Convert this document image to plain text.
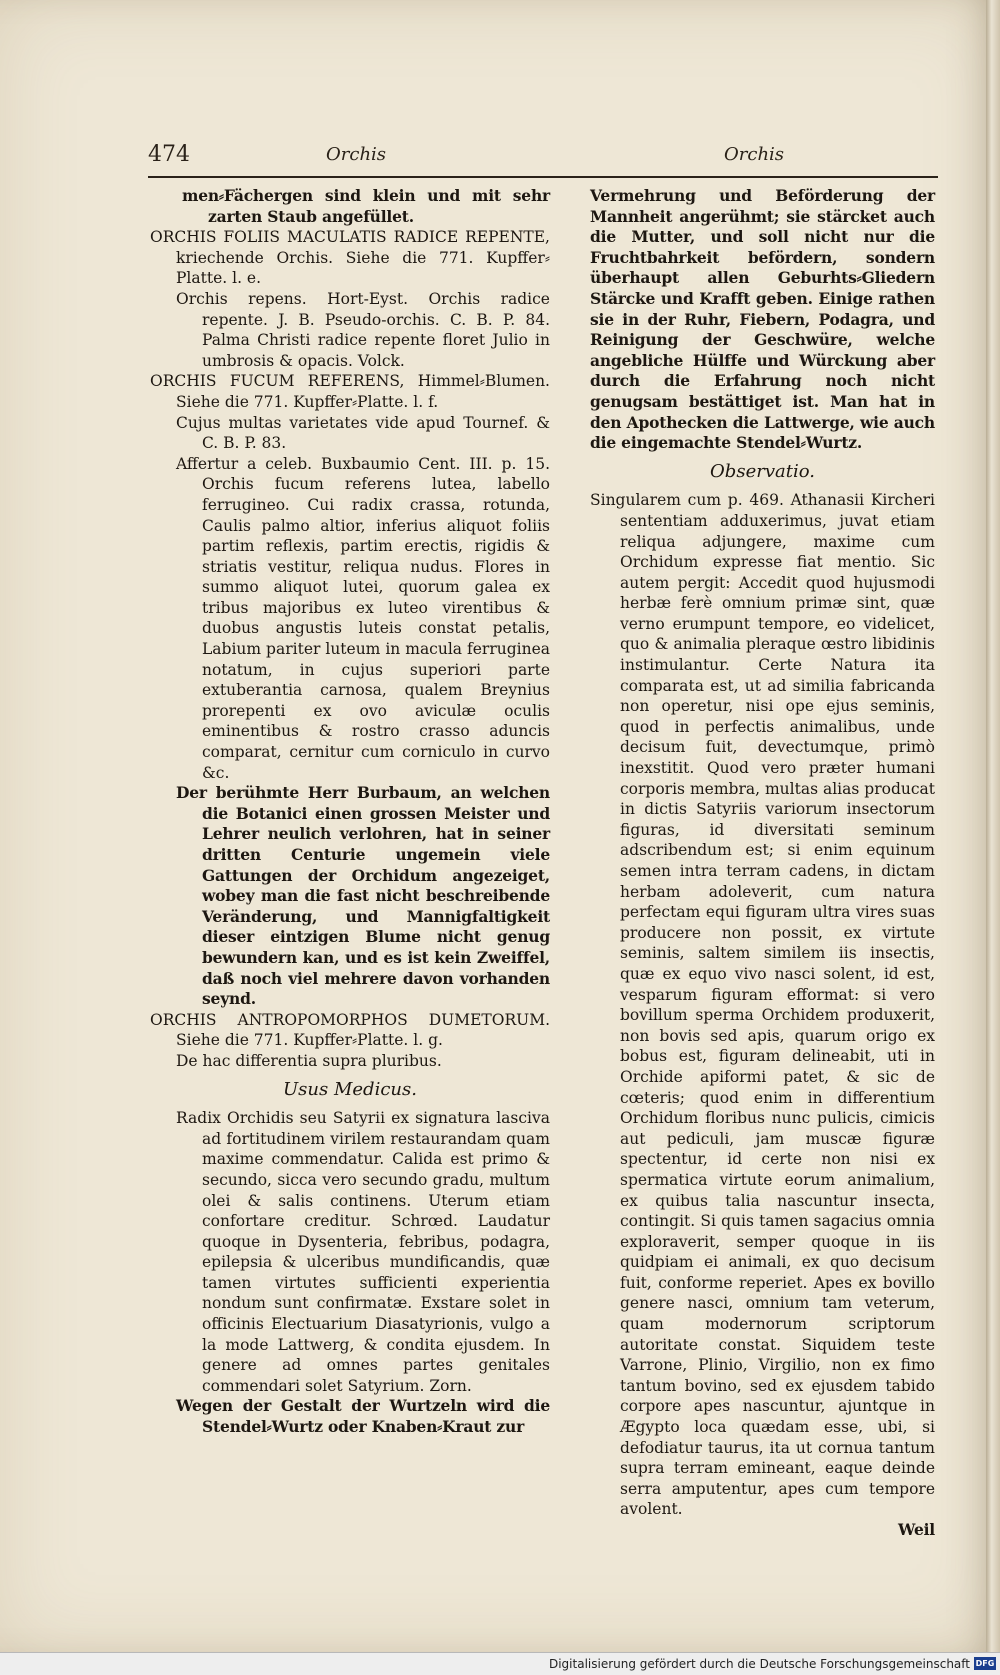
474	Orchis	Orchis

men⸗Fächergen sind klein und mit sehr zarten Staub angefüllet.

ORCHIS FOLIIS MACULATIS RADICE REPENTE, kriechende Orchis. Siehe die 771. Kupffer⸗Platte. l. e.

Orchis repens. Hort-Eyst. Orchis radice repente. J. B. Pseudo-orchis. C. B. P. 84. Palma Christi radice repente floret Julio in umbrosis & opacis. Volck.

ORCHIS FUCUM REFERENS, Himmel⸗Blumen. Siehe die 771. Kupffer⸗Platte. l. f.

Cujus multas varietates vide apud Tournef. & C. B. P. 83.

Affertur a celeb. Buxbaumio Cent. III. p. 15. Orchis fucum referens lutea, labello ferrugineo. Cui radix crassa, rotunda, Caulis palmo altior, inferius aliquot foliis partim reflexis, partim erectis, rigidis & striatis vestitur, reliqua nudus. Flores in summo aliquot lutei, quorum galea ex tribus majoribus ex luteo virentibus & duobus angustis luteis constat petalis, Labium pariter luteum in macula ferruginea notatum, in cujus superiori parte extuberantia carnosa, qualem Breynius prorepenti ex ovo aviculæ oculis eminentibus & rostro crasso aduncis comparat, cernitur cum corniculo in curvo &c.

Der berühmte Herr Burbaum, an welchen die Botanici einen grossen Meister und Lehrer neulich verlohren, hat in seiner dritten Centurie ungemein viele Gattungen der Orchidum angezeiget, wobey man die fast nicht beschreibende Veränderung, und Mannigfaltigkeit dieser eintzigen Blume nicht genug bewundern kan, und es ist kein Zweiffel, daß noch viel mehrere davon vorhanden seynd.

ORCHIS ANTROPOMORPHOS DUMETORUM. Siehe die 771. Kupffer⸗Platte. l. g.

De hac differentia supra pluribus.

Usus Medicus.

Radix Orchidis seu Satyrii ex signatura lasciva ad fortitudinem virilem restaurandam quam maxime commendatur. Calida est primo & secundo, sicca vero secundo gradu, multum olei & salis continens. Uterum etiam confortare creditur. Schrœd. Laudatur quoque in Dysenteria, febribus, podagra, epilepsia & ulceribus mundificandis, quæ tamen virtutes sufficienti experientia nondum sunt confirmatæ. Exstare solet in officinis Electuarium Diasatyrionis, vulgo a la mode Lattwerg, & condita ejusdem. In genere ad omnes partes genitales commendari solet Satyrium. Zorn.

Wegen der Gestalt der Wurtzeln wird die Stendel⸗Wurtz oder Knaben⸗Kraut zur

Vermehrung und Beförderung der Mannheit angerühmt; sie stärcket auch die Mutter, und soll nicht nur die Fruchtbahrkeit befördern, sondern überhaupt allen Geburhts⸗Gliedern Stärcke und Krafft geben. Einige rathen sie in der Ruhr, Fiebern, Podagra, und Reinigung der Geschwüre, welche angebliche Hülffe und Würckung aber durch die Erfahrung noch nicht genugsam bestättiget ist. Man hat in den Apothecken die Lattwerge, wie auch die eingemachte Stendel⸗Wurtz.

Observatio.

Singularem cum p. 469. Athanasii Kircheri sententiam adduxerimus, juvat etiam reliqua adjungere, maxime cum Orchidum expresse fiat mentio. Sic autem pergit: Accedit quod hujusmodi herbæ ferè omnium primæ sint, quæ verno erumpunt tempore, eo videlicet, quo & animalia pleraque œstro libidinis instimulantur. Certe Natura ita comparata est, ut ad similia fabricanda non operetur, nisi ope ejus seminis, quod in perfectis animalibus, unde decisum fuit, devectumque, primò inexstitit. Quod vero præter humani corporis membra, multas alias producat in dictis Satyriis variorum insectorum figuras, id diversitati seminum adscribendum est; si enim equinum semen intra terram cadens, in dictam herbam adoleverit, cum natura perfectam equi figuram ultra vires suas producere non possit, ex virtute seminis, saltem similem iis insectis, quæ ex equo vivo nasci solent, id est, vesparum figuram efformat: si vero bovillum sperma Orchidem produxerit, non bovis sed apis, quarum origo ex bobus est, figuram delineabit, uti in Orchide apiformi patet, & sic de cœteris; quod enim in differentium Orchidum floribus nunc pulicis, cimicis aut pediculi, jam muscæ figuræ spectentur, id certe non nisi ex spermatica virtute eorum animalium, ex quibus talia nascuntur insecta, contingit. Si quis tamen sagacius omnia exploraverit, semper quoque in iis quidpiam ei animali, ex quo decisum fuit, conforme reperiet. Apes ex bovillo genere nasci, omnium tam veterum, quam modernorum scriptorum autoritate constat. Siquidem teste Varrone, Plinio, Virgilio, non ex fimo tantum bovino, sed ex ejusdem tabido corpore apes nascuntur, ajuntque in Ægypto loca quædam esse, ubi, si defodiatur taurus, ita ut cornua tantum supra terram emineant, eaque deinde serra amputentur, apes cum tempore avolent.

Weil

Digitalisierung gefördert durch die Deutsche Forschungsgemeinschaft DFG
